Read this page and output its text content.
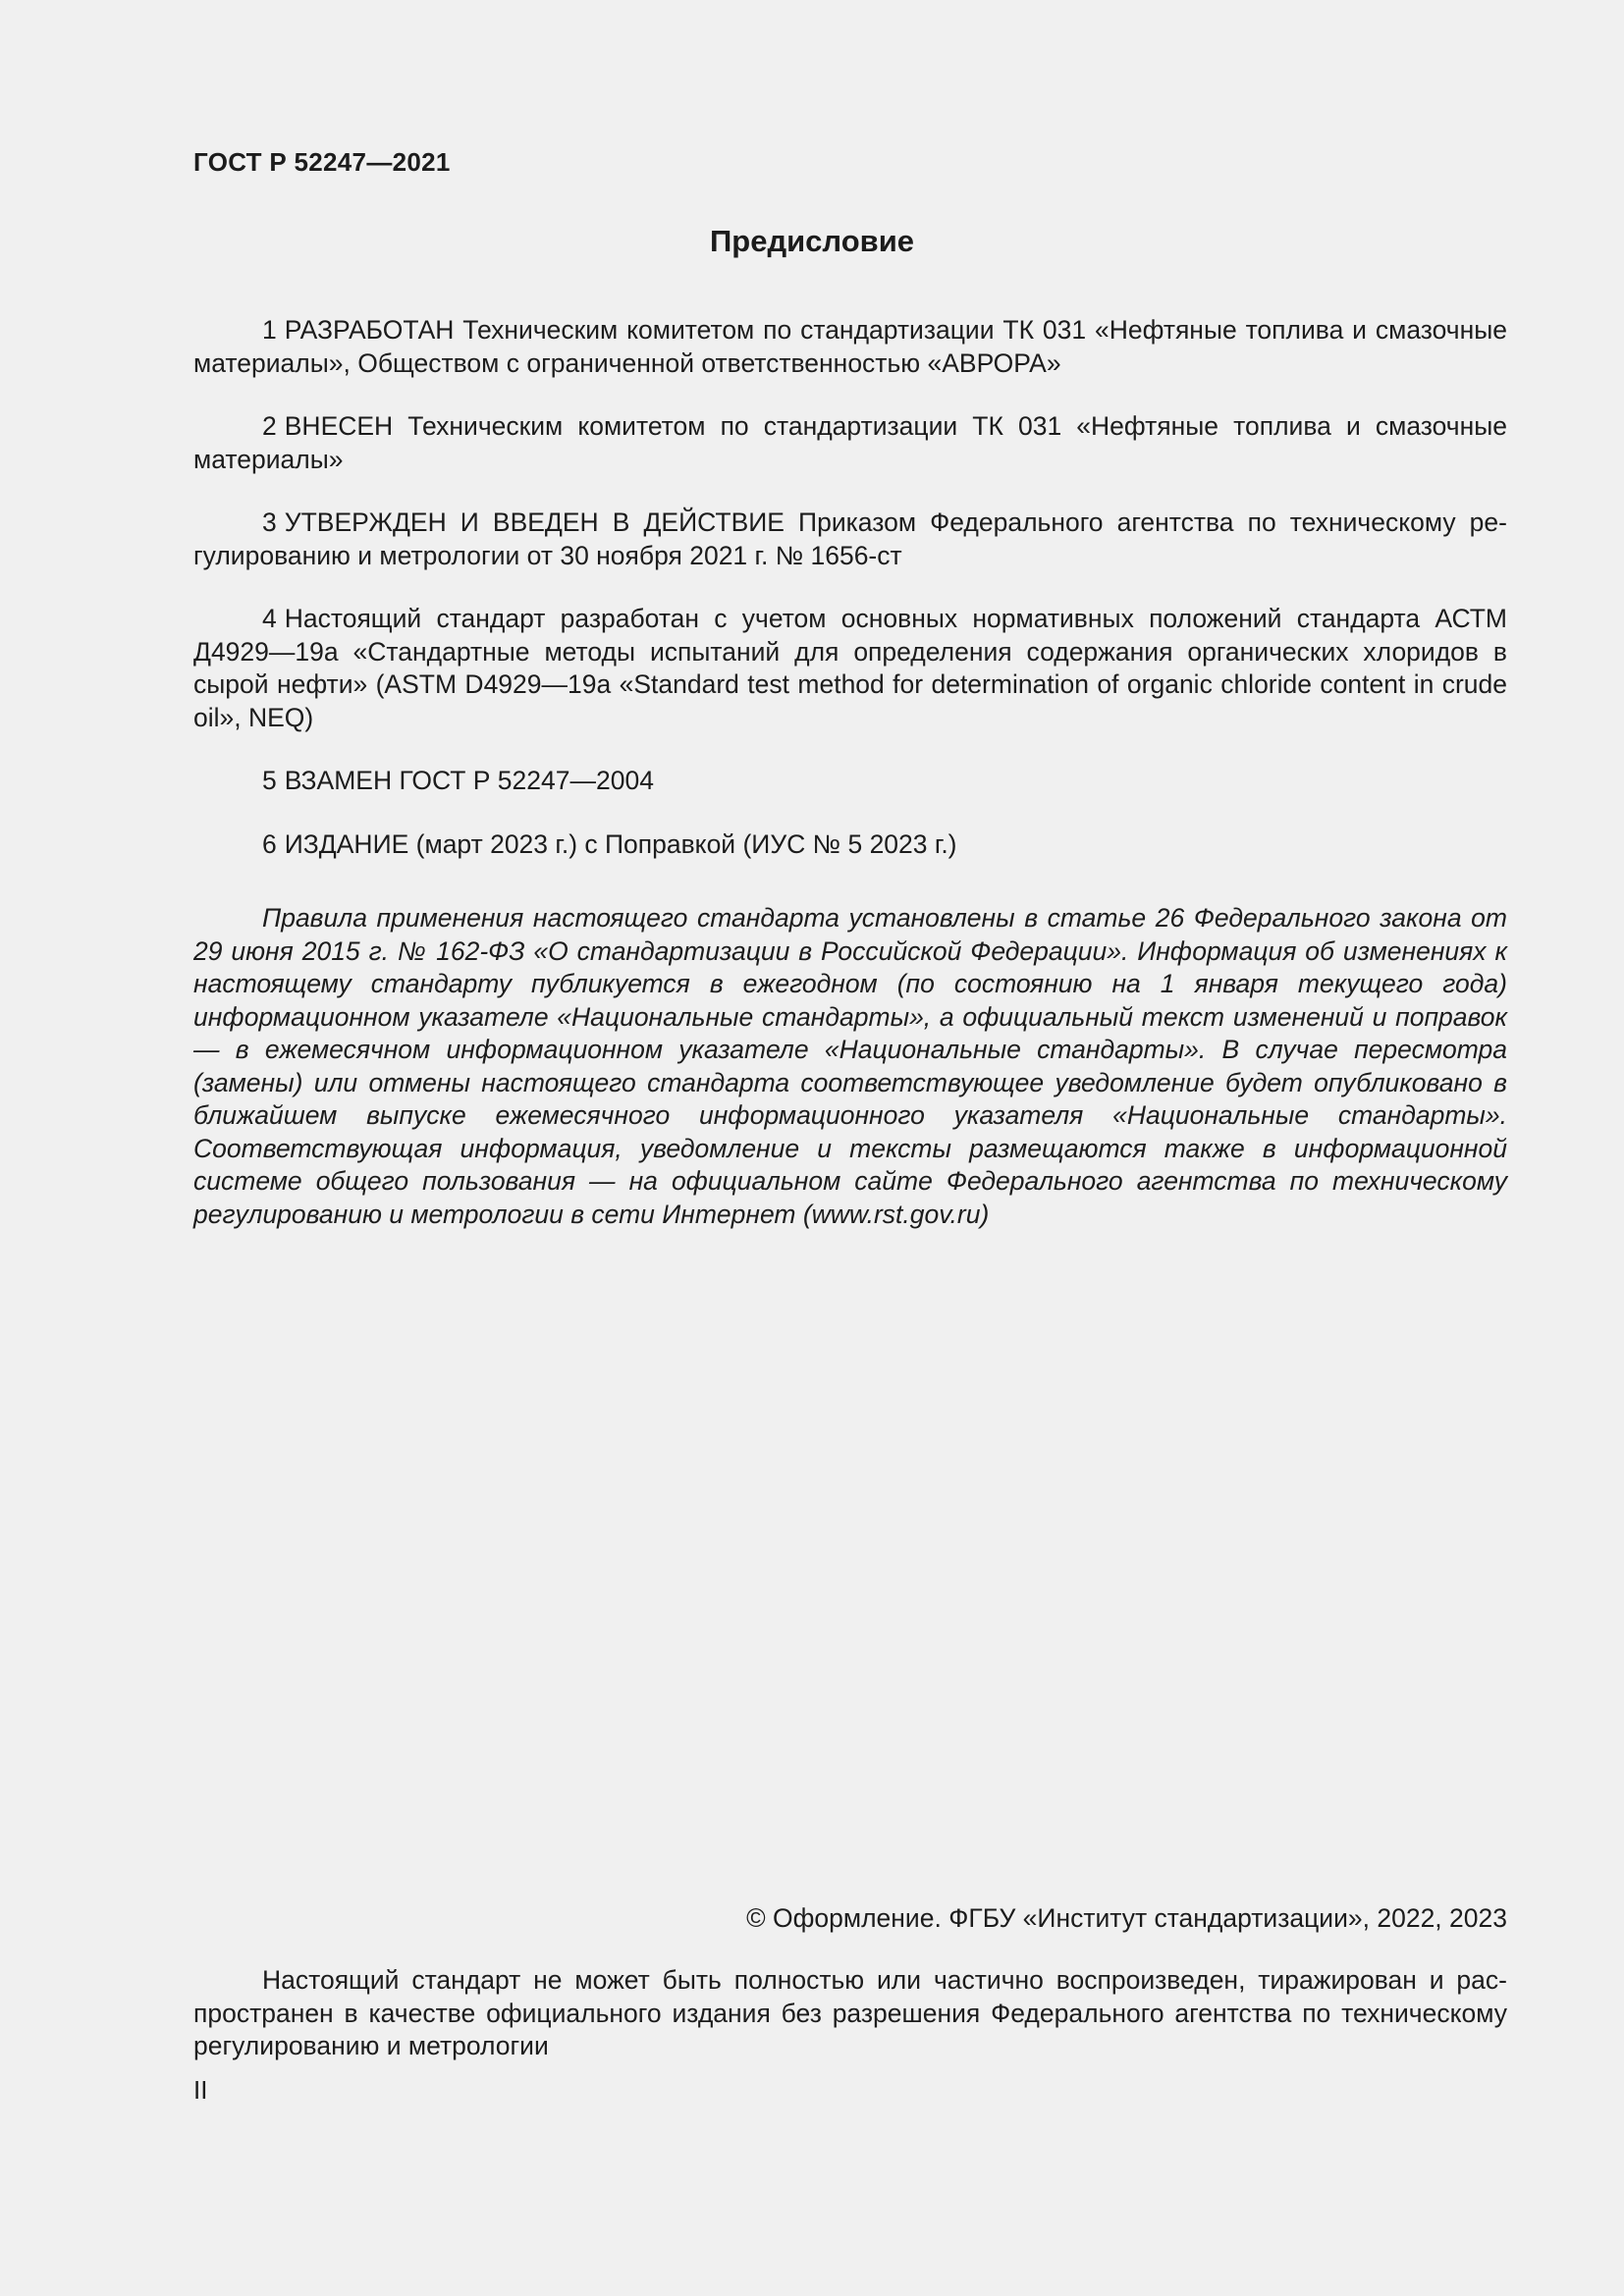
ГОСТ Р 52247—2021
Предисловие

1 РАЗРАБОТАН Техническим комитетом по стандартизации ТК 031 «Нефтяные топлива и смазочные материалы», Обществом с ограниченной ответственностью «АВРОРА»

2 ВНЕСЕН Техническим комитетом по стандартизации ТК 031 «Нефтяные топлива и смазочные материалы»

3 УТВЕРЖДЕН И ВВЕДЕН В ДЕЙСТВИЕ Приказом Федерального агентства по техническому регулированию и метрологии от 30 ноября 2021 г. № 1656-ст

4 Настоящий стандарт разработан с учетом основных нормативных положений стандарта АСТМ Д4929—19а «Стандартные методы испытаний для определения содержания органических хлоридов в сырой нефти» (ASTM D4929—19a «Standard test method for determination of organic chloride content in crude oil», NEQ)

5 ВЗАМЕН ГОСТ Р 52247—2004

6 ИЗДАНИЕ (март 2023 г.) с Поправкой (ИУС № 5 2023 г.)

Правила применения настоящего стандарта установлены в статье 26 Федерального закона от 29 июня 2015 г. № 162-ФЗ «О стандартизации в Российской Федерации». Информация об изменениях к настоящему стандарту публикуется в ежегодном (по состоянию на 1 января текущего года) информационном указателе «Национальные стандарты», а официальный текст изменений и поправок — в ежемесячном информационном указателе «Национальные стандарты». В случае пересмотра (замены) или отмены настоящего стандарта соответствующее уведомление будет опубликовано в ближайшем выпуске ежемесячного информационного указателя «Национальные стандарты». Соответствующая информация, уведомление и тексты размещаются также в информационной системе общего пользования — на официальном сайте Федерального агентства по техническому регулированию и метрологии в сети Интернет (www.rst.gov.ru)

© Оформление. ФГБУ «Институт стандартизации», 2022, 2023

Настоящий стандарт не может быть полностью или частично воспроизведен, тиражирован и распространен в качестве официального издания без разрешения Федерального агентства по техническому регулированию и метрологии

II
